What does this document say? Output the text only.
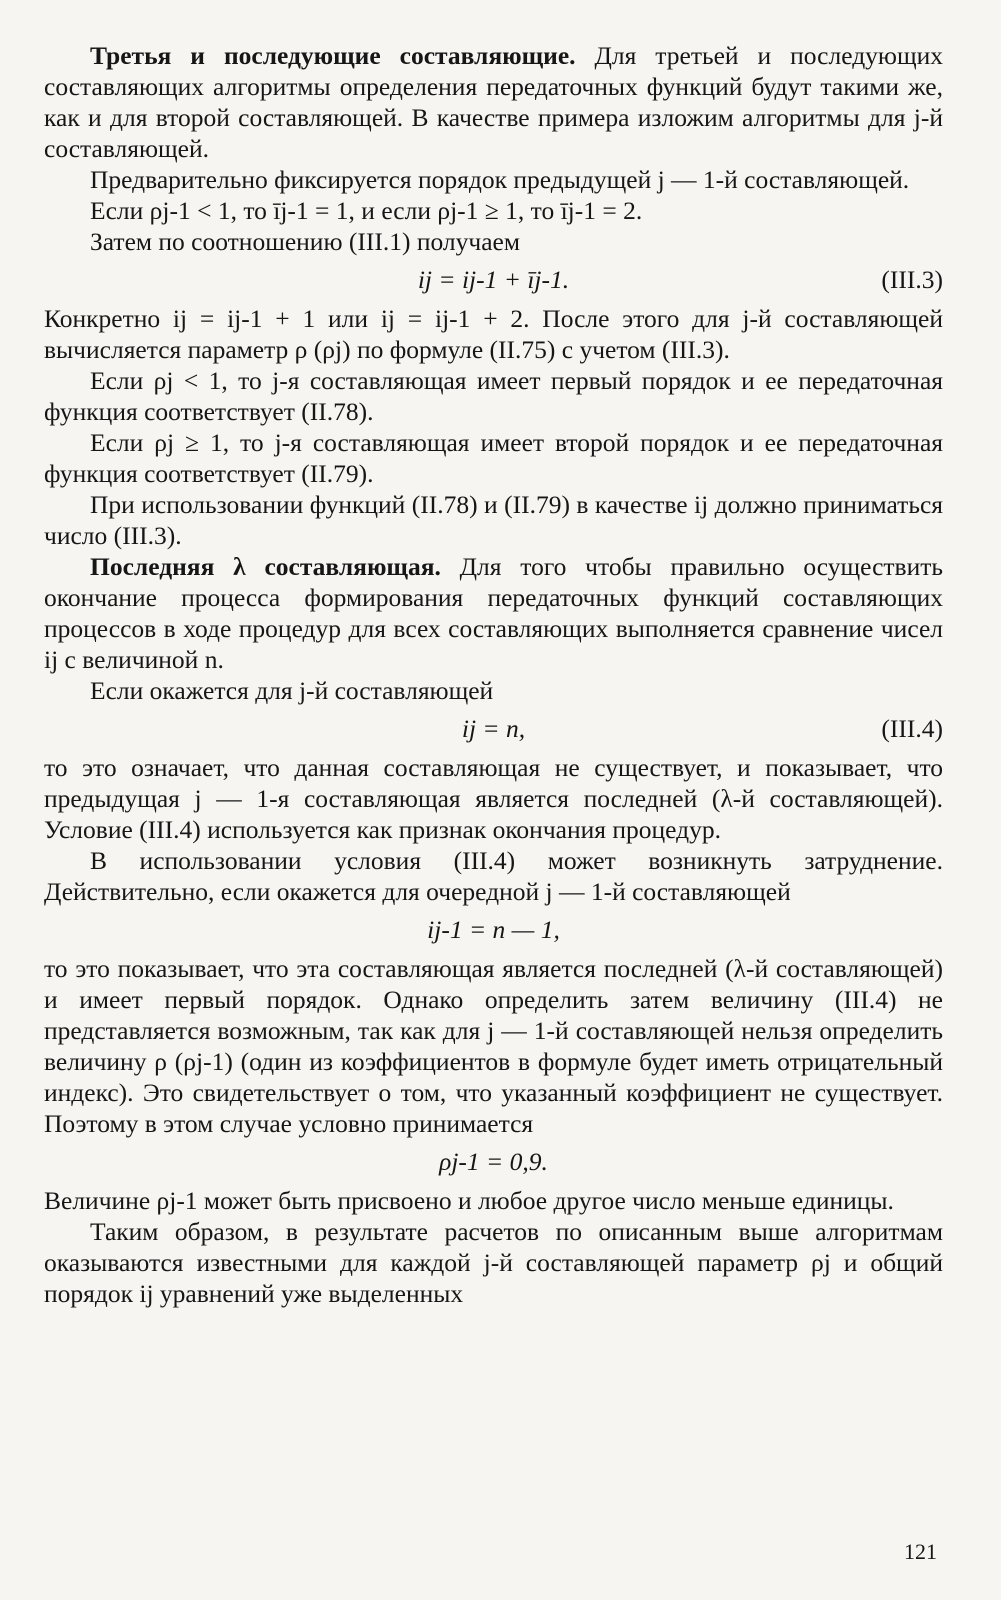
Третья и последующие составляющие. Для третьей и последующих составляющих алгоритмы определения передаточных функций будут такими же, как и для второй составляющей. В качестве примера изложим алгоритмы для j-й составляющей.

Предварительно фиксируется порядок предыдущей j — 1-й составляющей.

Если ρj-1 < 1, то īj-1 = 1, и если ρj-1 ≥ 1, то īj-1 = 2.

Затем по соотношению (III.1) получаем

ij = ij-1 + īj-1.	(III.3)

Конкретно ij = ij-1 + 1 или ij = ij-1 + 2. После этого для j-й составляющей вычисляется параметр ρ (ρj) по формуле (II.75) с учетом (III.3).

Если ρj < 1, то j-я составляющая имеет первый порядок и ее передаточная функция соответствует (II.78).

Если ρj ≥ 1, то j-я составляющая имеет второй порядок и ее передаточная функция соответствует (II.79).

При использовании функций (II.78) и (II.79) в качестве ij должно приниматься число (III.3).

Последняя λ составляющая. Для того чтобы правильно осуществить окончание процесса формирования передаточных функций составляющих процессов в ходе процедур для всех составляющих выполняется сравнение чисел ij с величиной n.

Если окажется для j-й составляющей

ij = n,	(III.4)

то это означает, что данная составляющая не существует, и показывает, что предыдущая j — 1-я составляющая является последней (λ-й составляющей). Условие (III.4) используется как признак окончания процедур.

В использовании условия (III.4) может возникнуть затруднение. Действительно, если окажется для очередной j — 1-й составляющей

ij-1 = n — 1,

то это показывает, что эта составляющая является последней (λ-й составляющей) и имеет первый порядок. Однако определить затем величину (III.4) не представляется возможным, так как для j — 1-й составляющей нельзя определить величину ρ (ρj-1) (один из коэффициентов в формуле будет иметь отрицательный индекс). Это свидетельствует о том, что указанный коэффициент не существует. Поэтому в этом случае условно принимается

ρj-1 = 0,9.

Величине ρj-1 может быть присвоено и любое другое число меньше единицы.

Таким образом, в результате расчетов по описанным выше алгоритмам оказываются известными для каждой j-й составляющей параметр ρj и общий порядок ij уравнений уже выделенных

121
